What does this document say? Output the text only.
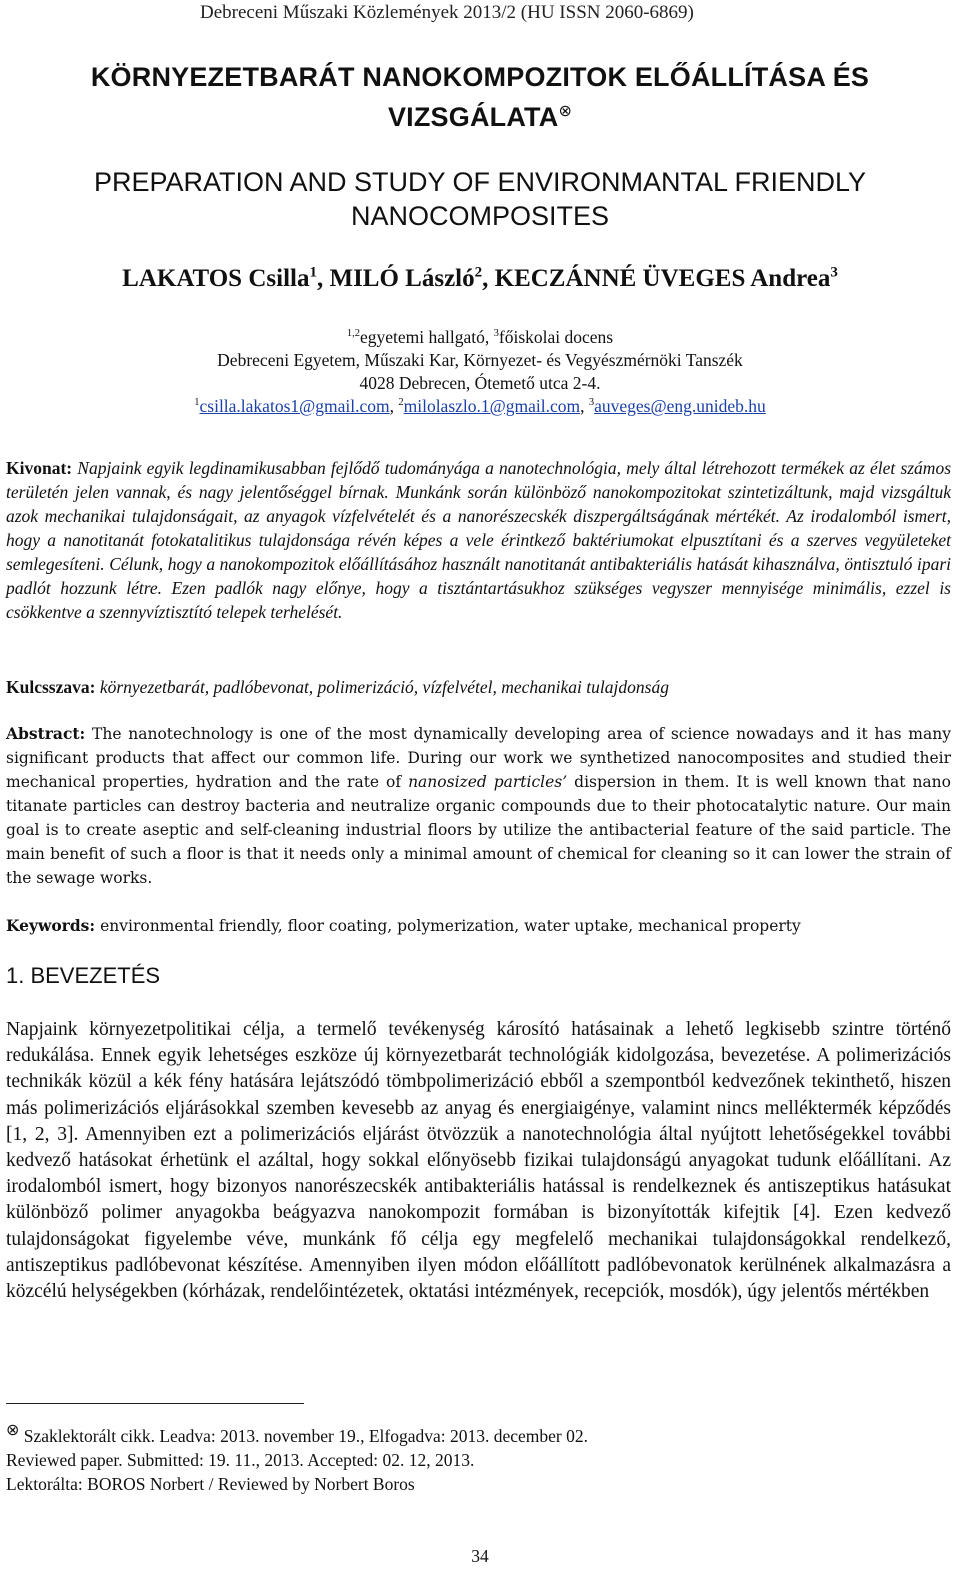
Debreceni Műszaki Közlemények 2013/2 (HU ISSN 2060-6869)
KÖRNYEZETBARÁT NANOKOMPOZITOK ELŐÁLLÍTÁSA ÉS
VIZSGÁLATA⊗
PREPARATION AND STUDY OF ENVIRONMANTAL FRIENDLY
NANOCOMPOSITES
LAKATOS Csilla$^1$, MILÓ László$^2$, KECZÁNNÉ ÜVEGES Andrea$^3$
$^{1,2}$egyetemi hallgató, $^3$főiskolai docens
Debreceni Egyetem, Műszaki Kar, Környezet- és Vegyészmérnöki Tanszék
4028 Debrecen, Ótemető utca 2-4.
$^1$csilla.lakatos1@gmail.com, $^2$milolaszlo.1@gmail.com, $^3$auveges@eng.unideb.hu
Kivonat: Napjaink egyik legdinamikusabban fejlődő tudományága a nanotechnológia, mely által létrehozott termékek az élet számos területén jelen vannak, és nagy jelentőséggel bírnak. Munkánk során különböző nanokompozitokat szintetizáltunk, majd vizsgáltuk azok mechanikai tulajdonságait, az anyagok vízfelvételét és a nanorészecskék diszpergáltságának mértékét. Az irodalomból ismert, hogy a nanotitanát fotokatalitikus tulajdonsága révén képes a vele érintkező baktériumokat elpusztítani és a szerves vegyületeket semlegesíteni. Célunk, hogy a nanokompozitok előállításához használt nanotitanát antibakteriális hatását kihasználva, öntisztuló ipari padlót hozzunk létre. Ezen padlók nagy előnye, hogy a tisztántartásukhoz szükséges vegyszer mennyisége minimális, ezzel is csökkentve a szennyvíztisztító telepek terhelését.
Kulcsszava: környezetbarát, padlóbevonat, polimerizáció, vízfelvétel, mechanikai tulajdonság
Abstract: The nanotechnology is one of the most dynamically developing area of science nowadays and it has many significant products that affect our common life. During our work we synthetized nanocomposites and studied their mechanical properties, hydration and the rate of nanosized particles’ dispersion in them. It is well known that nano titanate particles can destroy bacteria and neutralize organic compounds due to their photocatalytic nature. Our main goal is to create aseptic and self-cleaning industrial floors by utilize the antibacterial feature of the said particle. The main benefit of such a floor is that it needs only a minimal amount of chemical for cleaning so it can lower the strain of the sewage works.
Keywords: environmental friendly, floor coating, polymerization, water uptake, mechanical property
1. BEVEZETÉS
Napjaink környezetpolitikai célja, a termelő tevékenység károsító hatásainak a lehető legkisebb szintre történő redukálása. Ennek egyik lehetséges eszköze új környezetbarát technológiák kidolgozása, bevezetése. A polimerizációs technikák közül a kék fény hatására lejátszódó tömbpolimerizáció ebből a szempontból kedvezőnek tekinthető, hiszen más polimerizációs eljárásokkal szemben kevesebb az anyag és energiaigénye, valamint nincs melléktermék képződés [1, 2, 3]. Amennyiben ezt a polimerizációs eljárást ötvözzük a nanotechnológia által nyújtott lehetőségekkel további kedvező hatásokat érhetünk el azáltal, hogy sokkal előnyösebb fizikai tulajdonságú anyagokat tudunk előállítani. Az irodalomból ismert, hogy bizonyos nanorészecskék antibakteriális hatással is rendelkeznek és antiszeptikus hatásukat különböző polimer anyagokba beágyazva nanokompozit formában is bizonyították kifejtik [4]. Ezen kedvező tulajdonságokat figyelembe véve, munkánk fő célja egy megfelelő mechanikai tulajdonságokkal rendelkező, antiszeptikus padlóbevonat készítése. Amennyiben ilyen módon előállított padlóbevonatok kerülnének alkalmazásra a közcélú helységekben (kórházak, rendelőintézetek, oktatási intézmények, recepciók, mosdók), úgy jelentős mértékben
⊗ Szaklektorált cikk. Leadva: 2013. november 19., Elfogadva: 2013. december 02.
Reviewed paper. Submitted: 19. 11., 2013. Accepted: 02. 12, 2013.
Lektorálta: BOROS Norbert / Reviewed by Norbert Boros
34
